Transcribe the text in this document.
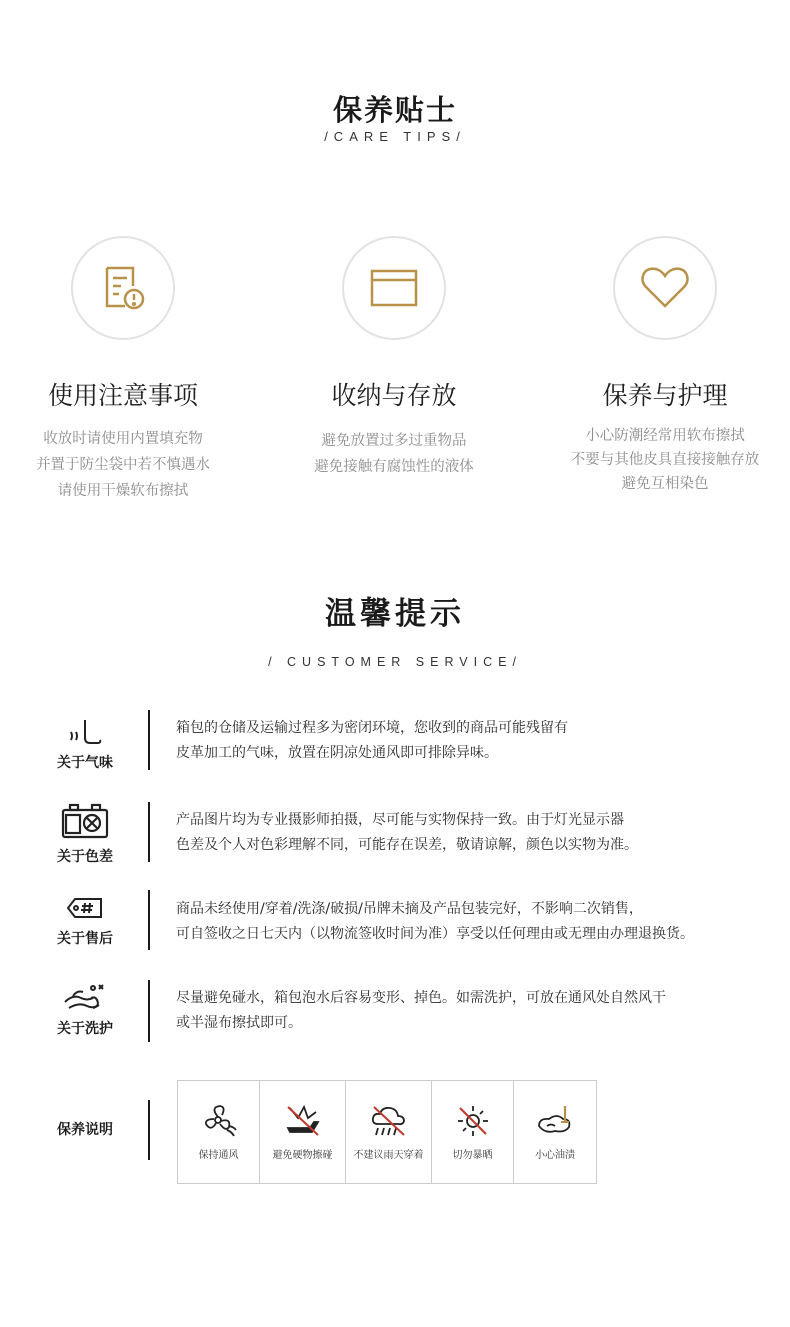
保养贴士
/CARE TIPS/
使用注意事项
收放时请使用内置填充物
并置于防尘袋中若不慎遇水
请使用干燥软布擦拭
收纳与存放
避免放置过多过重物品
避免接触有腐蚀性的液体
保养与护理
小心防潮经常用软布擦拭
不要与其他皮具直接接触存放
避免互相染色
温馨提示
/ CUSTOMER SERVICE/
关于气味
箱包的仓储及运输过程多为密闭环境，您收到的商品可能残留有
皮革加工的气味，放置在阴凉处通风即可排除异味。
关于色差
产品图片均为专业摄影师拍摄，尽可能与实物保持一致。由于灯光显示器
色差及个人对色彩理解不同，可能存在误差，敬请谅解，颜色以实物为准。
关于售后
商品未经使用/穿着/洗涤/破损/吊牌未摘及产品包装完好，不影响二次销售，
可自签收之日七天内（以物流签收时间为准）享受以任何理由或无理由办理退换货。
关于洗护
尽量避免碰水，箱包泡水后容易变形、掉色。如需洗护，可放在通风处自然风干
或半湿布擦拭即可。
保养说明
保持通风	避免硬物擦碰 不建议雨天穿着	切勿暴晒	小心油渍
